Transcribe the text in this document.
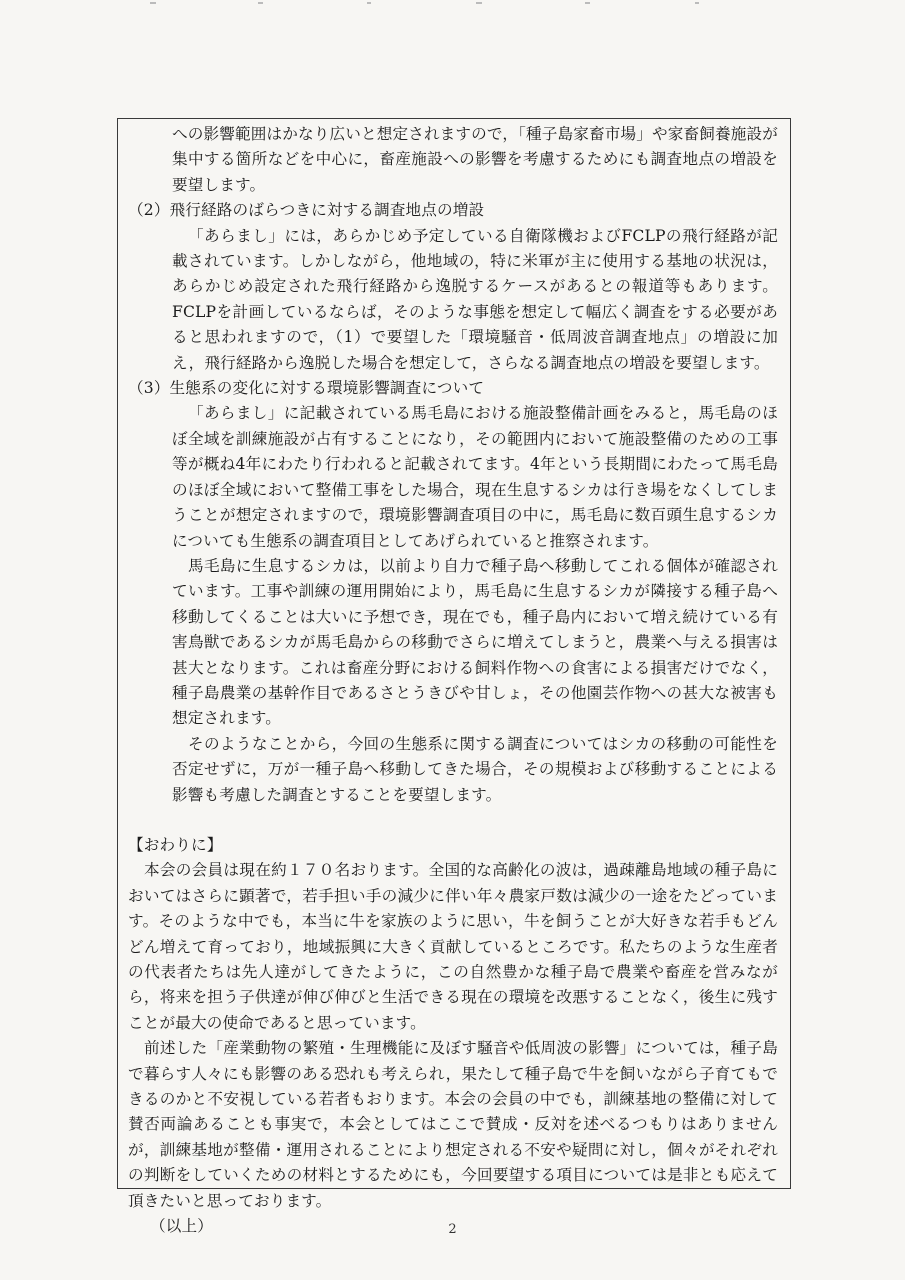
への影響範囲はかなり広いと想定されますので，「種子島家畜市場」や家畜飼養施設が集中する箇所などを中心に，畜産施設への影響を考慮するためにも調査地点の増設を要望します。

（2）飛行経路のばらつきに対する調査地点の増設

「あらまし」には，あらかじめ予定している自衛隊機およびFCLPの飛行経路が記載されています。しかしながら，他地域の，特に米軍が主に使用する基地の状況は，あらかじめ設定された飛行経路から逸脱するケースがあるとの報道等もあります。FCLPを計画しているならば，そのような事態を想定して幅広く調査をする必要があると思われますので，（1）で要望した「環境騒音・低周波音調査地点」の増設に加え，飛行経路から逸脱した場合を想定して，さらなる調査地点の増設を要望します。

（3）生態系の変化に対する環境影響調査について

「あらまし」に記載されている馬毛島における施設整備計画をみると，馬毛島のほぼ全域を訓練施設が占有することになり，その範囲内において施設整備のための工事等が概ね4年にわたり行われると記載されてます。4年という長期間にわたって馬毛島のほぼ全域において整備工事をした場合，現在生息するシカは行き場をなくしてしまうことが想定されますので，環境影響調査項目の中に，馬毛島に数百頭生息するシカについても生態系の調査項目としてあげられていると推察されます。

馬毛島に生息するシカは，以前より自力で種子島へ移動してこれる個体が確認されています。工事や訓練の運用開始により，馬毛島に生息するシカが隣接する種子島へ移動してくることは大いに予想でき，現在でも，種子島内において増え続けている有害鳥獣であるシカが馬毛島からの移動でさらに増えてしまうと，農業へ与える損害は甚大となります。これは畜産分野における飼料作物への食害による損害だけでなく，種子島農業の基幹作目であるさとうきびや甘しょ，その他園芸作物への甚大な被害も想定されます。

そのようなことから，今回の生態系に関する調査についてはシカの移動の可能性を否定せずに，万が一種子島へ移動してきた場合，その規模および移動することによる影響も考慮した調査とすることを要望します。

【おわりに】

本会の会員は現在約１７０名おります。全国的な高齢化の波は，過疎離島地域の種子島においてはさらに顕著で，若手担い手の減少に伴い年々農家戸数は減少の一途をたどっています。そのような中でも，本当に牛を家族のように思い，牛を飼うことが大好きな若手もどんどん増えて育っており，地域振興に大きく貢献しているところです。私たちのような生産者の代表者たちは先人達がしてきたように，この自然豊かな種子島で農業や畜産を営みながら，将来を担う子供達が伸び伸びと生活できる現在の環境を改悪することなく，後生に残すことが最大の使命であると思っています。

前述した「産業動物の繁殖・生理機能に及ぼす騒音や低周波の影響」については，種子島で暮らす人々にも影響のある恐れも考えられ，果たして種子島で牛を飼いながら子育てもできるのかと不安視している若者もおります。本会の会員の中でも，訓練基地の整備に対して賛否両論あることも事実で，本会としてはここで賛成・反対を述べるつもりはありませんが，訓練基地が整備・運用されることにより想定される不安や疑問に対し，個々がそれぞれの判断をしていくための材料とするためにも，今回要望する項目については是非とも応えて頂きたいと思っております。

（以上）	2
